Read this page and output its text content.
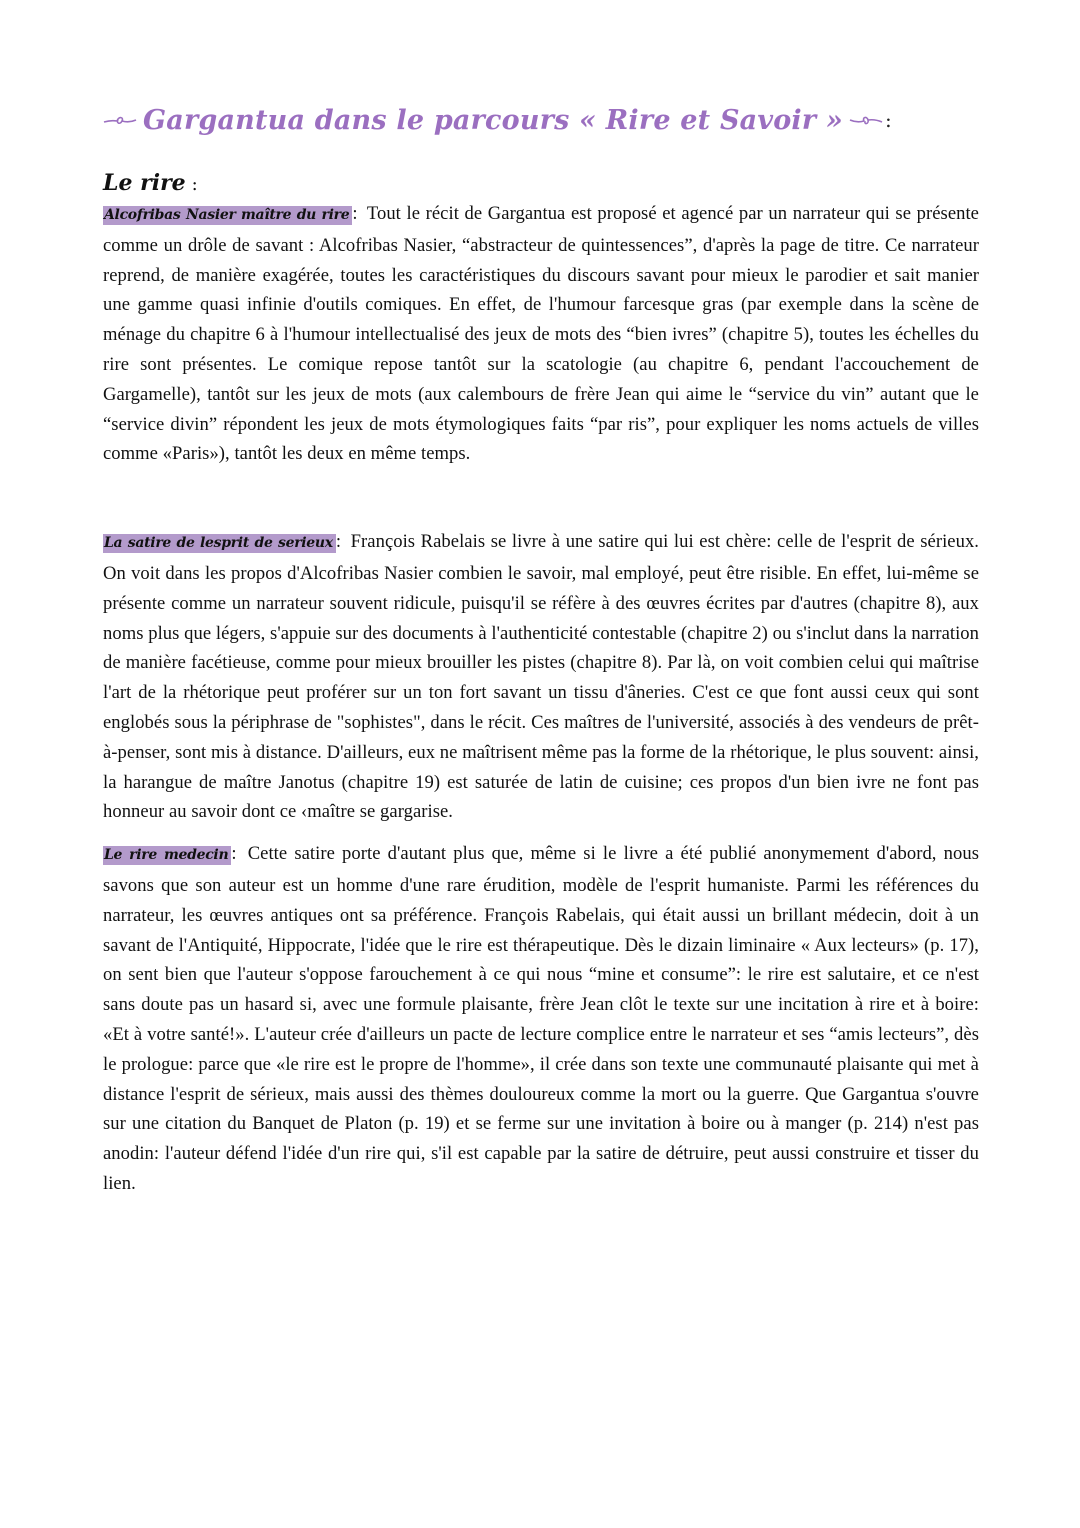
Gargantua dans le parcours « Rire et Savoir » :
Le rire :

Alcofribas Nasier maître du rire : Tout le récit de Gargantua est proposé et agencé par un narrateur qui se présente comme un drôle de savant : Alcofribas Nasier, “abstracteur de quintessences”, d'après la page de titre. Ce narrateur reprend, de manière exagérée, toutes les caractéristiques du discours savant pour mieux le parodier et sait manier une gamme quasi infinie d'outils comiques. En effet, de l'humour farcesque gras (par exemple dans la scène de ménage du chapitre 6 à l'humour intellectualisé des jeux de mots des “bien ivres” (chapitre 5), toutes les échelles du rire sont présentes. Le comique repose tantôt sur la scatologie (au chapitre 6, pendant l'accouchement de Gargamelle), tantôt sur les jeux de mots (aux calembours de frère Jean qui aime le “service du vin” autant que le “service divin” répondent les jeux de mots étymologiques faits “par ris”, pour expliquer les noms actuels de villes comme «Paris»), tantôt les deux en même temps.

La satire de lesprit de serieux : François Rabelais se livre à une satire qui lui est chère: celle de l'esprit de sérieux. On voit dans les propos d'Alcofribas Nasier combien le savoir, mal employé, peut être risible. En effet, lui-même se présente comme un narrateur souvent ridicule, puisqu'il se réfère à des œuvres écrites par d'autres (chapitre 8), aux noms plus que légers, s'appuie sur des documents à l'authenticité contestable (chapitre 2) ou s'inclut dans la narration de manière facétieuse, comme pour mieux brouiller les pistes (chapitre 8). Par là, on voit combien celui qui maîtrise l'art de la rhétorique peut proférer sur un ton fort savant un tissu d'âneries. C'est ce que font aussi ceux qui sont englobés sous la périphrase de "sophistes", dans le récit. Ces maîtres de l'université, associés à des vendeurs de prêt-à-penser, sont mis à distance. D'ailleurs, eux ne maîtrisent même pas la forme de la rhétorique, le plus souvent: ainsi, la harangue de maître Janotus (chapitre 19) est saturée de latin de cuisine; ces propos d'un bien ivre ne font pas honneur au savoir dont ce ‹maître se gargarise.

Le rire medecin : Cette satire porte d'autant plus que, même si le livre a été publié anonymement d'abord, nous savons que son auteur est un homme d'une rare érudition, modèle de l'esprit humaniste. Parmi les références du narrateur, les œuvres antiques ont sa préférence. François Rabelais, qui était aussi un brillant médecin, doit à un savant de l'Antiquité, Hippocrate, l'idée que le rire est thérapeutique. Dès le dizain liminaire « Aux lecteurs» (p. 17), on sent bien que l'auteur s'oppose farouchement à ce qui nous “mine et consume”: le rire est salutaire, et ce n'est sans doute pas un hasard si, avec une formule plaisante, frère Jean clôt le texte sur une incitation à rire et à boire: «Et à votre santé!». L'auteur crée d'ailleurs un pacte de lecture complice entre le narrateur et ses “amis lecteurs”, dès le prologue: parce que «le rire est le propre de l'homme», il crée dans son texte une communauté plaisante qui met à distance l'esprit de sérieux, mais aussi des thèmes douloureux comme la mort ou la guerre. Que Gargantua s'ouvre sur une citation du Banquet de Platon (p. 19) et se ferme sur une invitation à boire ou à manger (p. 214) n'est pas anodin: l'auteur défend l'idée d'un rire qui, s'il est capable par la satire de détruire, peut aussi construire et tisser du lien.
